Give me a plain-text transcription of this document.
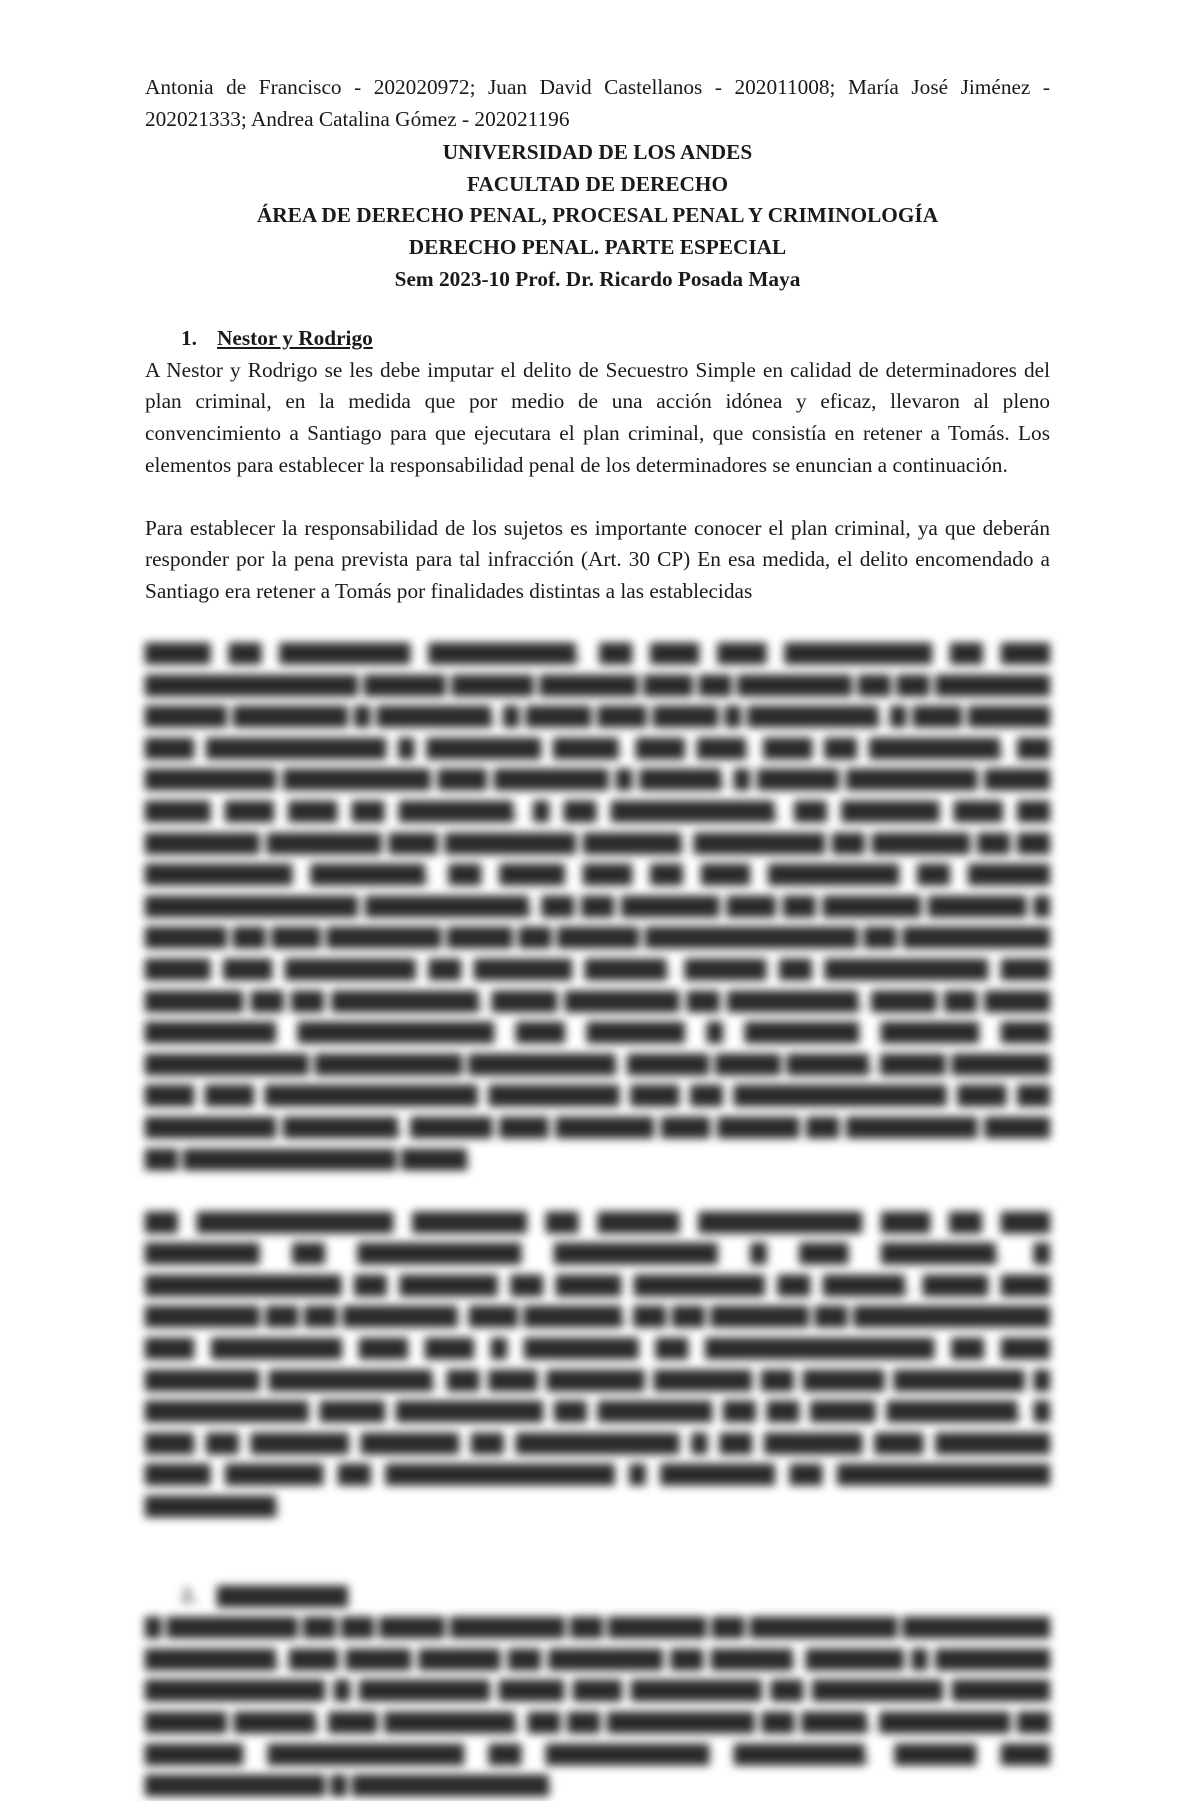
Antonia de Francisco - 202020972; Juan David Castellanos - 202011008; María José Jiménez - 202021333; Andrea Catalina Gómez - 202021196

UNIVERSIDAD DE LOS ANDES
FACULTAD DE DERECHO
ÁREA DE DERECHO PENAL, PROCESAL PENAL Y CRIMINOLOGÍA
DERECHO PENAL. PARTE ESPECIAL
Sem 2023-10 Prof. Dr. Ricardo Posada Maya
1. Nestor y Rodrigo

A Nestor y Rodrigo se les debe imputar el delito de Secuestro Simple en calidad de determinadores del plan criminal, en la medida que por medio de una acción idónea y eficaz, llevaron al pleno convencimiento a Santiago para que ejecutara el plan criminal, que consistía en retener a Tomás. Los elementos para establecer la responsabilidad penal de los determinadores se enuncian a continuación.

Para establecer la responsabilidad de los sujetos es importante conocer el plan criminal, ya que deberán responder por la pena prevista para tal infracción (Art. 30 CP) En esa medida, el delito encomendado a Santiago era retener a Tomás por finalidades distintas a las establecidas

▇▇▇▇ ▇▇ ▇▇▇▇▇▇▇▇ ▇▇▇▇▇▇▇▇▇, ▇▇ ▇▇▇ ▇▇▇ ▇▇▇▇▇▇▇▇▇ ▇▇ ▇▇▇ ▇▇▇▇▇▇▇▇▇▇▇▇▇ ▇▇▇▇▇ ▇▇▇▇▇ ▇▇▇▇▇▇ ▇▇▇ ▇▇ ▇▇▇▇▇▇▇ ▇▇ ▇▇ ▇▇▇▇▇▇▇ ▇▇▇▇▇ ▇▇▇▇▇▇▇ ▇ ▇▇▇▇▇▇▇, ▇ ▇▇▇▇ ▇▇▇ ▇▇▇▇ ▇ ▇▇▇▇▇▇▇▇, ▇ ▇▇▇ ▇▇▇▇▇ ▇▇▇ ▇▇▇▇▇▇▇▇▇▇▇ ▇ ▇▇▇▇▇▇▇ ▇▇▇▇. ▇▇▇ ▇▇▇. ▇▇▇ ▇▇ ▇▇▇▇▇▇▇▇, ▇▇ ▇▇▇▇▇▇▇▇ ▇▇▇▇▇▇▇▇▇ ▇▇▇ ▇▇▇▇▇▇▇ ▇ ▇▇▇▇▇, ▇ ▇▇▇▇▇ ▇▇▇▇▇▇▇▇ ▇▇▇▇ ▇▇▇▇ ▇▇▇ ▇▇▇ ▇▇ ▇▇▇▇▇▇▇, ▇ ▇▇ ▇▇▇▇▇▇▇▇▇▇, ▇▇ ▇▇▇▇▇▇ ▇▇▇ ▇▇ ▇▇▇▇▇▇▇ ▇▇▇▇▇▇▇ ▇▇▇ ▇▇▇▇▇▇▇▇ ▇▇▇▇▇▇. ▇▇▇▇▇▇▇▇ ▇▇ ▇▇▇▇▇▇ ▇▇ ▇▇ ▇▇▇▇▇▇▇▇▇ ▇▇▇▇▇▇▇, ▇▇ ▇▇▇▇ ▇▇▇ ▇▇ ▇▇▇ ▇▇▇▇▇▇▇▇ ▇▇ ▇▇▇▇▇ ▇▇▇▇▇▇▇▇▇▇▇▇▇ ▇▇▇▇▇▇▇▇▇▇, ▇▇ ▇▇ ▇▇▇▇▇▇ ▇▇▇ ▇▇ ▇▇▇▇▇▇ ▇▇▇▇▇▇ ▇ ▇▇▇▇▇ ▇▇ ▇▇▇ ▇▇▇▇▇▇▇ ▇▇▇▇ ▇▇ ▇▇▇▇▇ ▇▇▇▇▇▇▇▇▇▇▇▇▇ ▇▇ ▇▇▇▇▇▇▇▇▇ ▇▇▇▇ ▇▇▇ ▇▇▇▇▇▇▇▇ ▇▇ ▇▇▇▇▇▇ ▇▇▇▇▇. ▇▇▇▇▇ ▇▇ ▇▇▇▇▇▇▇▇▇▇ ▇▇▇ ▇▇▇▇▇▇ ▇▇ ▇▇ ▇▇▇▇▇▇▇▇▇, ▇▇▇▇ ▇▇▇▇▇▇▇ ▇▇ ▇▇▇▇▇▇▇▇, ▇▇▇▇ ▇▇ ▇▇▇▇ ▇▇▇▇▇▇▇▇ ▇▇▇▇▇▇▇▇▇▇▇▇ ▇▇▇ ▇▇▇▇▇▇ ▇ ▇▇▇▇▇▇▇ ▇▇▇▇▇▇ ▇▇▇ ▇▇▇▇▇▇▇▇▇▇ ▇▇▇▇▇▇▇▇▇ ▇▇▇▇▇▇▇▇▇. ▇▇▇▇▇ ▇▇▇▇ ▇▇▇▇▇, ▇▇▇▇ ▇▇▇▇▇▇ ▇▇▇ ▇▇▇ ▇▇▇▇▇▇▇▇▇▇▇▇▇ ▇▇▇▇▇▇▇▇ ▇▇▇ ▇▇ ▇▇▇▇▇▇▇▇▇▇▇▇▇ ▇▇▇ ▇▇ ▇▇▇▇▇▇▇▇ ▇▇▇▇▇▇▇, ▇▇▇▇▇ ▇▇▇ ▇▇▇▇▇▇ ▇▇▇ ▇▇▇▇▇ ▇▇ ▇▇▇▇▇▇▇▇ ▇▇▇▇ ▇▇ ▇▇▇▇▇▇▇▇▇▇▇▇▇ ▇▇▇▇.

▇▇ ▇▇▇▇▇▇▇▇▇▇▇▇ ▇▇▇▇▇▇▇ ▇▇ ▇▇▇▇▇ ▇▇▇▇▇▇▇▇▇▇ ▇▇▇ ▇▇ ▇▇▇ ▇▇▇▇▇▇▇ ▇▇ ▇▇▇▇▇▇▇▇▇▇ ▇▇▇▇▇▇▇▇▇▇ ▇ ▇▇▇ ▇▇▇▇▇▇▇, ▇ ▇▇▇▇▇▇▇▇▇▇▇▇ ▇▇ ▇▇▇▇▇▇ ▇▇ ▇▇▇▇ ▇▇▇▇▇▇▇▇ ▇▇ ▇▇▇▇▇, ▇▇▇▇ ▇▇▇ ▇▇▇▇▇▇▇ ▇▇ ▇▇ ▇▇▇▇▇▇▇. ▇▇▇ ▇▇▇▇▇▇, ▇▇ ▇▇ ▇▇▇▇▇▇ ▇▇ ▇▇▇▇▇▇▇▇▇▇▇▇ ▇▇▇ ▇▇▇▇▇▇▇▇ ▇▇▇ ▇▇▇ ▇ ▇▇▇▇▇▇▇ ▇▇ ▇▇▇▇▇▇▇▇▇▇▇▇▇▇ ▇▇ ▇▇▇ ▇▇▇▇▇▇▇ ▇▇▇▇▇▇▇▇▇▇, ▇▇ ▇▇▇ ▇▇▇▇▇▇ ▇▇▇▇▇▇ ▇▇ ▇▇▇▇▇ ▇▇▇▇▇▇▇▇ ▇ ▇▇▇▇▇▇▇▇▇▇ ▇▇▇▇ ▇▇▇▇▇▇▇▇▇ ▇▇ ▇▇▇▇▇▇▇ ▇▇ ▇▇ ▇▇▇▇ ▇▇▇▇▇▇▇▇, ▇ ▇▇▇ ▇▇ ▇▇▇▇▇▇ ▇▇▇▇▇▇ ▇▇ ▇▇▇▇▇▇▇▇▇▇ ▇ ▇▇ ▇▇▇▇▇▇ ▇▇▇ ▇▇▇▇▇▇▇ ▇▇▇▇ ▇▇▇▇▇▇ ▇▇ ▇▇▇▇▇▇▇▇▇▇▇▇▇▇ ▇ ▇▇▇▇▇▇▇ ▇▇ ▇▇▇▇▇▇▇▇▇▇▇▇▇ ▇▇▇▇▇▇▇▇.

2. ▇▇▇▇▇▇▇▇

▇ ▇▇▇▇▇▇▇▇ ▇▇ ▇▇ ▇▇▇▇ ▇▇▇▇▇▇▇ ▇▇ ▇▇▇▇▇▇ ▇▇ ▇▇▇▇▇▇▇▇▇ ▇▇▇▇▇▇▇▇▇ ▇▇▇▇▇▇▇▇, ▇▇▇ ▇▇▇▇ ▇▇▇▇▇ ▇▇ ▇▇▇▇▇▇▇ ▇▇ ▇▇▇▇▇. ▇▇▇▇▇▇ ▇ ▇▇▇▇▇▇▇ ▇▇▇▇▇▇▇▇▇▇▇ ▇ ▇▇▇▇▇▇▇▇ ▇▇▇▇ ▇▇▇ ▇▇▇▇▇▇▇▇ ▇▇ ▇▇▇▇▇▇▇▇ ▇▇▇▇▇▇ ▇▇▇▇▇ ▇▇▇▇▇, ▇▇▇ ▇▇▇▇▇▇▇▇, ▇▇ ▇▇ ▇▇▇▇▇▇▇▇▇ ▇▇ ▇▇▇▇, ▇▇▇▇▇▇▇▇ ▇▇ ▇▇▇▇▇▇ ▇▇▇▇▇▇▇▇▇▇▇▇ ▇▇ ▇▇▇▇▇▇▇▇▇▇ ▇▇▇▇▇▇▇▇, ▇▇▇▇▇ ▇▇▇ ▇▇▇▇▇▇▇▇▇▇▇ ▇ ▇▇▇▇▇▇▇▇▇▇▇▇.
